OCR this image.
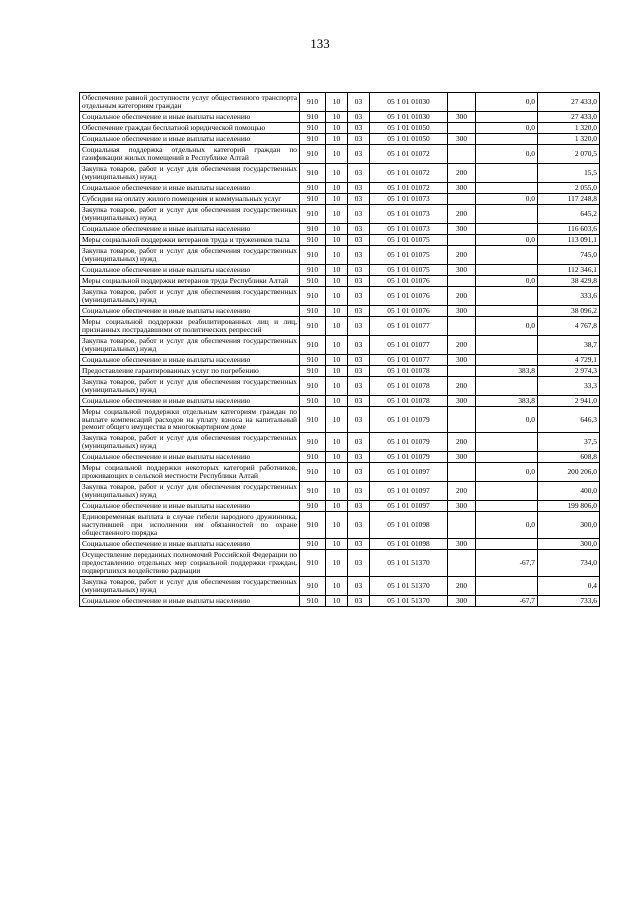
133
Обеспечение равной доступности услуг общественного транспорта отдельным категориям граждан	910	10	03	05 1 01 01030		0,0	27 433,0
Социальное обеспечение и иные выплаты населению	910	10	03	05 1 01 01030	300		27 433,0
Обеспечение граждан бесплатной юридической помощью	910	10	03	05 1 01 01050		0,0	1 320,0
Социальное обеспечение и иные выплаты населению	910	10	03	05 1 01 01050	300		1 320,0
Социальная поддержка отдельных категорий граждан по газификации жилых помещений в Республике Алтай	910	10	03	05 1 01 01072		0,0	2 070,5
Закупка товаров, работ и услуг для обеспечения государственных (муниципальных) нужд	910	10	03	05 1 01 01072	200		15,5
Социальное обеспечение и иные выплаты населению	910	10	03	05 1 01 01072	300		2 055,0
Субсидии на оплату жилого помещения и коммунальных услуг	910	10	03	05 1 01 01073		0,0	117 248,8
Закупка товаров, работ и услуг для обеспечения государственных (муниципальных) нужд	910	10	03	05 1 01 01073	200		645,2
Социальное обеспечение и иные выплаты населению	910	10	03	05 1 01 01073	300		116 603,6
Меры социальной поддержки ветеранов труда и тружеников тыла	910	10	03	05 1 01 01075		0,0	113 091,1
Закупка товаров, работ и услуг для обеспечения государственных (муниципальных) нужд	910	10	03	05 1 01 01075	200		745,0
Социальное обеспечение и иные выплаты населению	910	10	03	05 1 01 01075	300		112 346,1
Меры социальной поддержки ветеранов труда Республики Алтай	910	10	03	05 1 01 01076		0,0	38 429,8
Закупка товаров, работ и услуг для обеспечения государственных (муниципальных) нужд	910	10	03	05 1 01 01076	200		333,6
Социальное обеспечение и иные выплаты населению	910	10	03	05 1 01 01076	300		38 096,2
Меры социальной поддержки реабилитированных лиц и лиц, признанных пострадавшими от политических репрессий	910	10	03	05 1 01 01077		0,0	4 767,8
Закупка товаров, работ и услуг для обеспечения государственных (муниципальных) нужд	910	10	03	05 1 01 01077	200		38,7
Социальное обеспечение и иные выплаты населению	910	10	03	05 1 01 01077	300		4 729,1
Предоставление гарантированных услуг по погребению	910	10	03	05 1 01 01078		383,8	2 974,3
Закупка товаров, работ и услуг для обеспечения государственных (муниципальных) нужд	910	10	03	05 1 01 01078	200		33,3
Социальное обеспечение и иные выплаты населению	910	10	03	05 1 01 01078	300	383,8	2 941,0
Меры социальной поддержки отдельным категориям граждан по выплате компенсаций расходов на уплату взноса на капитальный ремонт общего имущества в многоквартирном доме	910	10	03	05 1 01 01079		0,0	646,3
Закупка товаров, работ и услуг для обеспечения государственных (муниципальных) нужд	910	10	03	05 1 01 01079	200		37,5
Социальное обеспечение и иные выплаты населению	910	10	03	05 1 01 01079	300		608,8
Меры социальной поддержки некоторых категорий работников, проживающих в сельской местности Республики Алтай	910	10	03	05 1 01 01097		0,0	200 206,0
Закупка товаров, работ и услуг для обеспечения государственных (муниципальных) нужд	910	10	03	05 1 01 01097	200		400,0
Социальное обеспечение и иные выплаты населению	910	10	03	05 1 01 01097	300		199 806,0
Единовременная выплата в случае гибели народного дружинника, наступившей при исполнении им обязанностей по охране общественного порядка	910	10	03	05 1 01 01098		0,0	300,0
Социальное обеспечение и иные выплаты населению	910	10	03	05 1 01 01098	300		300,0
Осуществление переданных полномочий Российской Федерации по предоставлению отдельных мер социальной поддержки граждан, подвергшихся воздействию радиации	910	10	03	05 1 01 51370		-67,7	734,0
Закупка товаров, работ и услуг для обеспечения государственных (муниципальных) нужд	910	10	03	05 1 01 51370	200		0,4
Социальное обеспечение и иные выплаты населению	910	10	03	05 1 01 51370	300	-67,7	733,6
